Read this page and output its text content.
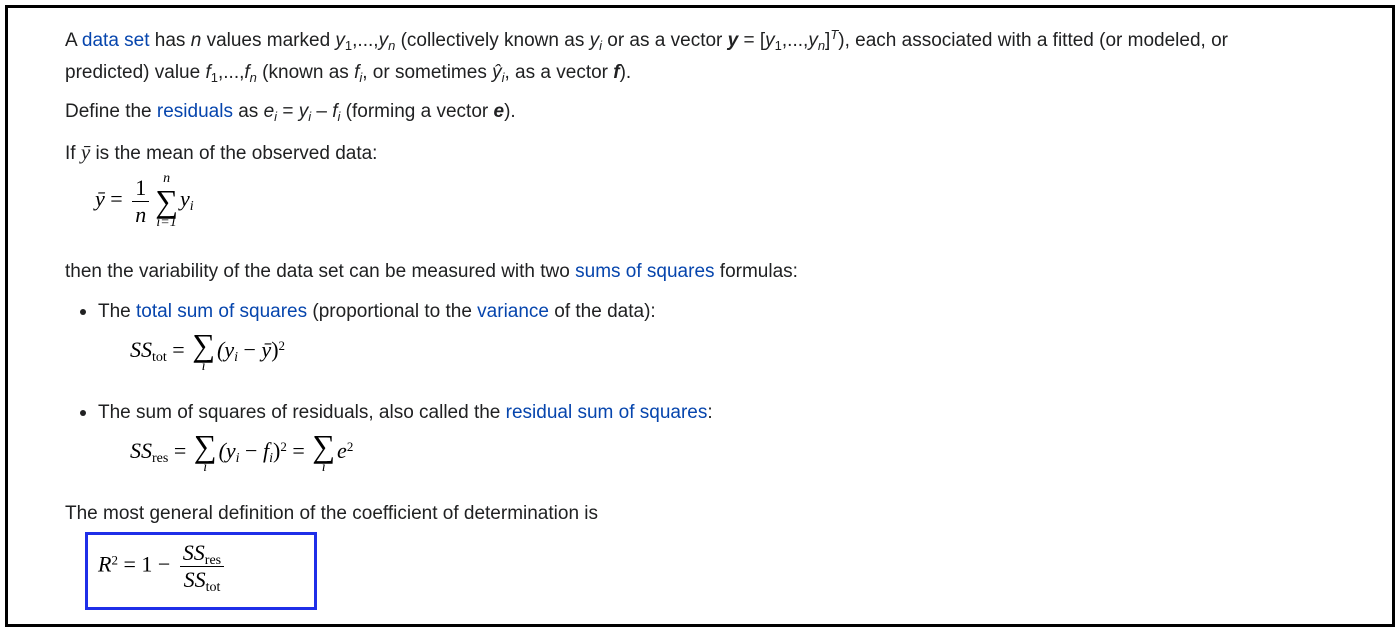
A data set has n values marked $y_1,...,y_n$ (collectively known as $y_i$ or as a vector $y = [y_1,...,y_n]^T$), each associated with a fitted (or modeled, or
predicted) value $f_1,...,f_n$ (known as $f_i$, or sometimes $ŷ_i$, as a vector f).
Define the residuals as $e_i = y_i - f_i$ (forming a vector e).
If ȳ is the mean of the observed data:
ȳ = $\frac{1}{n}$ n
∑
i=1
$y_i$
then the variability of the data set can be measured with two sums of squares formulas:
The total sum of squares (proportional to the variance of the data):
$SS_{tot}$ = ∑
i
($y_i$ − ȳ)$^2$
The sum of squares of residuals, also called the residual sum of squares:
$SS_{res}$ = ∑
i
$(y_i - f_i)^2$ = ∑
i
$e^2$
The most general definition of the coefficient of determination is
$R^2 = 1 - \frac{SS_{res}}{SS_{tot}}$
